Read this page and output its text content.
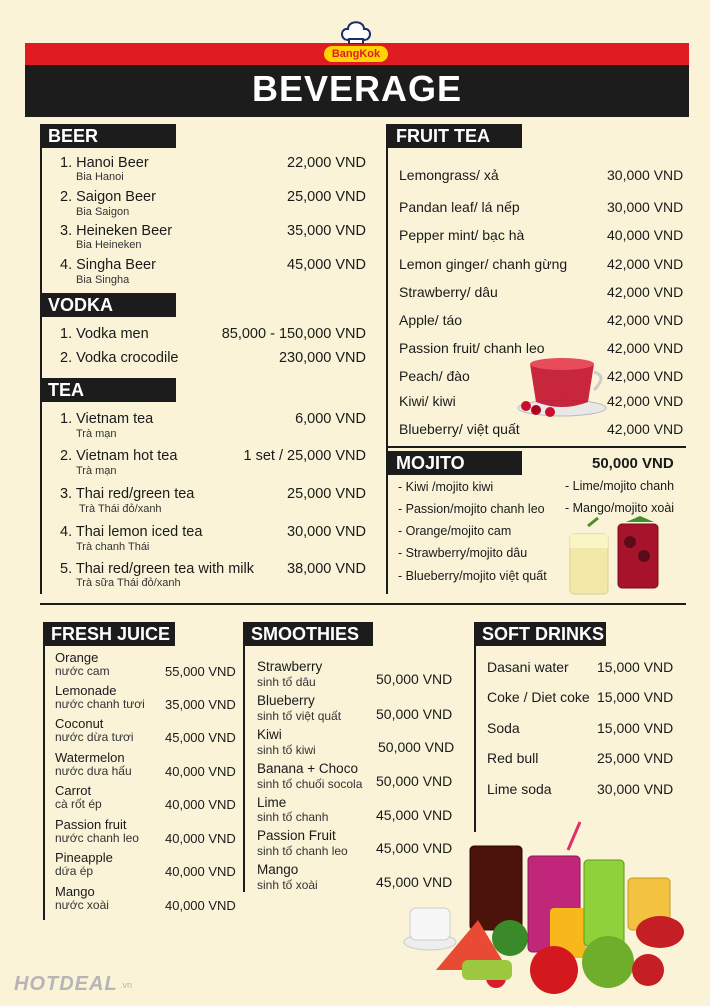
BangKok
BEVERAGE
BEER
1. Hanoi Beer
Bia Hanoi
22,000 VND
2. Saigon Beer
Bia Saigon
25,000 VND
3. Heineken Beer
Bia Heineken
35,000 VND
4. Singha Beer
Bia Singha
45,000 VND
VODKA
1. Vodka men	85,000 - 150,000 VND
2. Vodka crocodile	230,000 VND
TEA
1. Vietnam tea
Trà mạn
6,000 VND
2. Vietnam hot tea
Trà mạn
1 set / 25,000 VND
3. Thai red/green tea
Trà Thái đỏ/xanh
25,000 VND
4. Thai lemon iced tea
Trà chanh Thái
30,000 VND
5. Thai red/green tea with milk
Trà sữa Thái đỏ/xanh
38,000 VND
FRUIT TEA
Lemongrass/ xả	30,000 VND
Pandan leaf/ lá nếp	30,000 VND
Pepper mint/ bạc hà	40,000 VND
Lemon ginger/ chanh gừng	42,000 VND
Strawberry/ dâu	42,000 VND
Apple/ táo	42,000 VND
Passion fruit/ chanh leo	42,000 VND
Peach/ đào	42,000 VND
Kiwi/ kiwi	42,000 VND
Blueberry/ việt quất	42,000 VND
MOJITO	50,000 VND
- Kiwi /mojito kiwi
- Passion/mojito chanh leo
- Orange/mojito cam
- Strawberry/mojito dâu
- Blueberry/mojito việt quất
- Lime/mojito chanh
- Mango/mojito xoài
FRESH JUICE
Orange
nước cam	55,000 VND
Lemonade
nước chanh tươi 35,000 VND
Coconut
nước dừa tươi 45,000 VND
Watermelon
nước dưa hấu	40,000 VND
Carrot
cà rốt ép	40,000 VND
Passion fruit
nước chanh leo 40,000 VND
Pineapple
dứa ép	40,000 VND
Mango
nước xoài	40,000 VND
SMOOTHIES
Strawberry
sinh tố dâu	50,000 VND
Blueberry
sinh tố việt quất 50,000 VND
Kiwi
sinh tố kiwi	50,000 VND
Banana + Choco
sinh tố chuối socola 50,000 VND
Lime
sinh tố chanh	45,000 VND
Passion Fruit
sinh tố chanh leo 45,000 VND
Mango
sinh tố xoài	45,000 VND
SOFT DRINKS
Dasani water 15,000 VND
Coke / Diet coke 15,000 VND
Soda	15,000 VND
Red bull	25,000 VND
Lime soda	30,000 VND
HOTDEAL .vn
